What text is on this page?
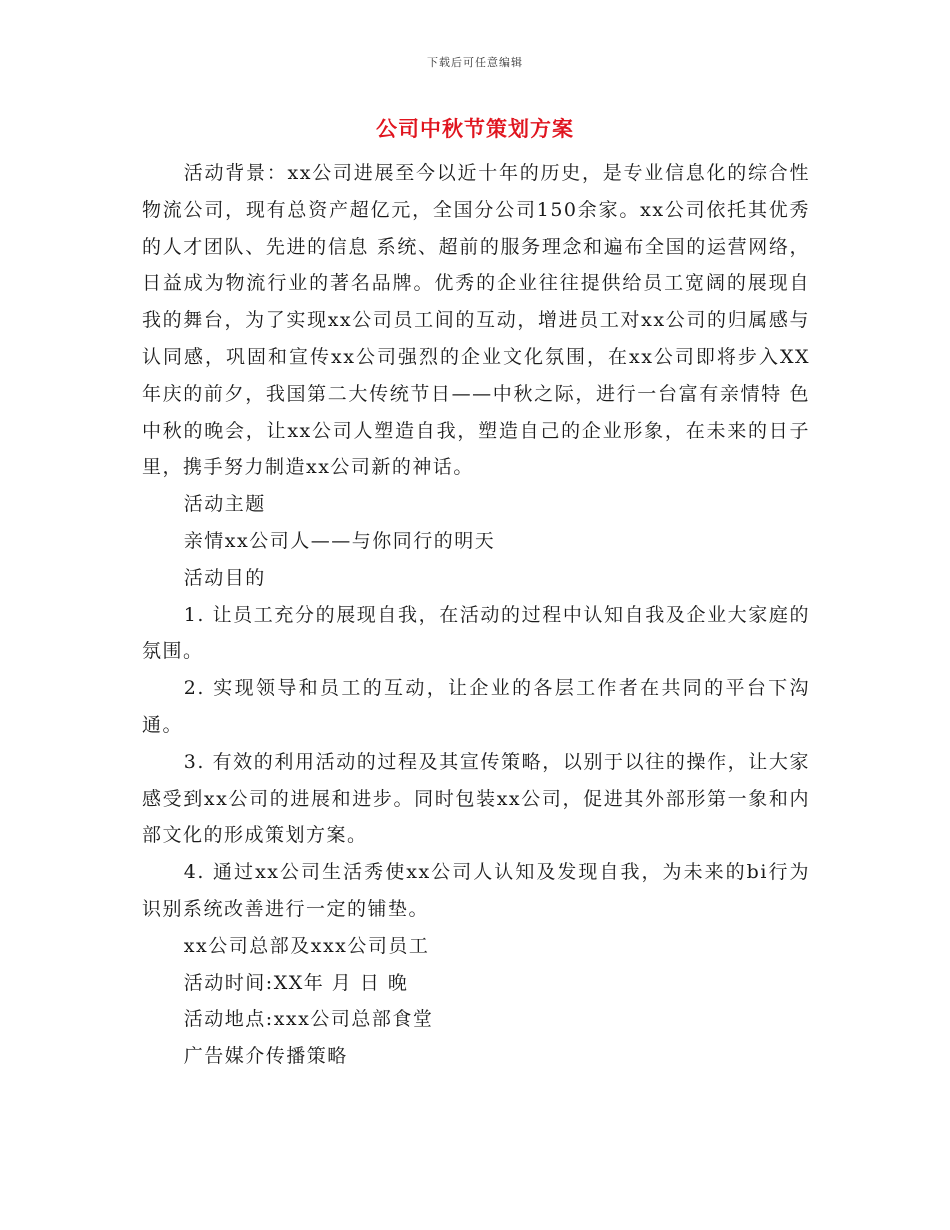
下载后可任意编辑
公司中秋节策划方案

活动背景：xx公司进展至今以近十年的历史，是专业信息化的综合性物流公司，现有总资产超亿元，全国分公司150余家。xx公司依托其优秀的人才团队、先进的信息 系统、超前的服务理念和遍布全国的运营网络，日益成为物流行业的著名品牌。优秀的企业往往提供给员工宽阔的展现自我的舞台，为了实现xx公司员工间的互动，增进员工对xx公司的归属感与认同感，巩固和宣传xx公司强烈的企业文化氛围，在xx公司即将步入XX年庆的前夕，我国第二大传统节日——中秋之际，进行一台富有亲情特 色中秋的晚会，让xx公司人塑造自我，塑造自己的企业形象，在未来的日子里，携手努力制造xx公司新的神话。

活动主题

亲情xx公司人——与你同行的明天

活动目的

1. 让员工充分的展现自我，在活动的过程中认知自我及企业大家庭的氛围。

2. 实现领导和员工的互动，让企业的各层工作者在共同的平台下沟通。

3. 有效的利用活动的过程及其宣传策略，以别于以往的操作，让大家感受到xx公司的进展和进步。同时包装xx公司，促进其外部形第一象和内部文化的形成策划方案。

4. 通过xx公司生活秀使xx公司人认知及发现自我，为未来的bi行为识别系统改善进行一定的铺垫。

xx公司总部及xxx公司员工

活动时间:XX年 月 日 晚

活动地点:xxx公司总部食堂

广告媒介传播策略
